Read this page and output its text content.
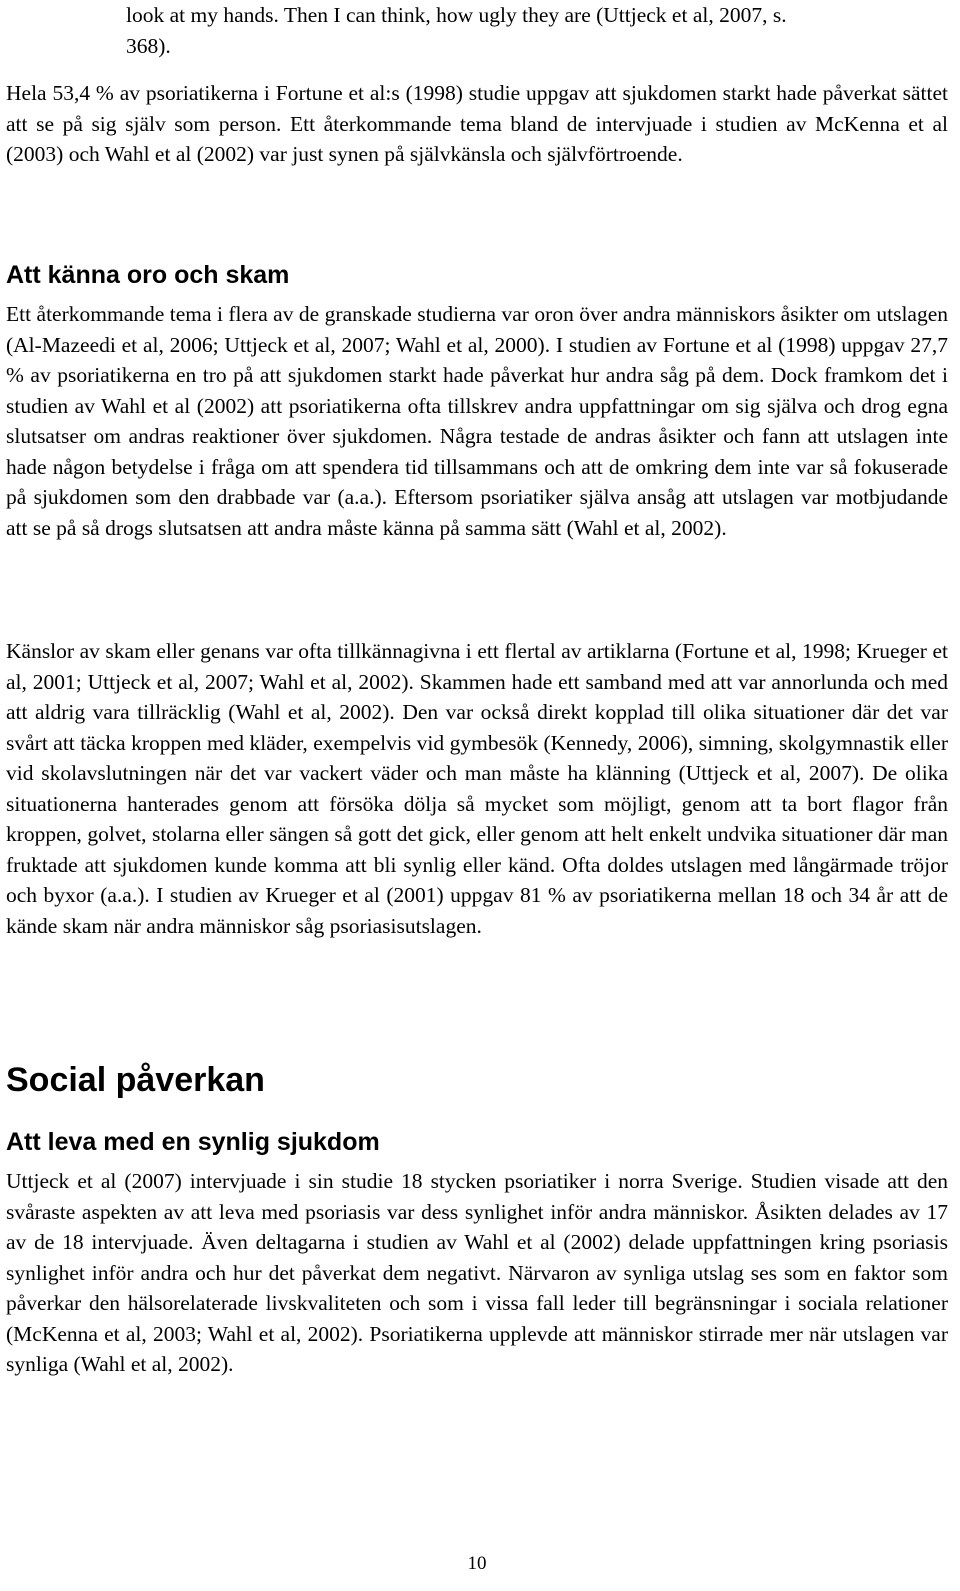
look at my hands. Then I can think, how ugly they are (Uttjeck et al, 2007, s. 368).

Hela 53,4 % av psoriatikerna i Fortune et al:s (1998) studie uppgav att sjukdomen starkt hade påverkat sättet att se på sig själv som person. Ett återkommande tema bland de intervjuade i studien av McKenna et al (2003) och Wahl et al (2002) var just synen på självkänsla och självförtroende.

Att känna oro och skam

Ett återkommande tema i flera av de granskade studierna var oron över andra människors åsikter om utslagen (Al-Mazeedi et al, 2006; Uttjeck et al, 2007; Wahl et al, 2000). I studien av Fortune et al (1998) uppgav 27,7 % av psoriatikerna en tro på att sjukdomen starkt hade påverkat hur andra såg på dem. Dock framkom det i studien av Wahl et al (2002) att psoriatikerna ofta tillskrev andra uppfattningar om sig själva och drog egna slutsatser om andras reaktioner över sjukdomen. Några testade de andras åsikter och fann att utslagen inte hade någon betydelse i fråga om att spendera tid tillsammans och att de omkring dem inte var så fokuserade på sjukdomen som den drabbade var (a.a.). Eftersom psoriatiker själva ansåg att utslagen var motbjudande att se på så drogs slutsatsen att andra måste känna på samma sätt (Wahl et al, 2002).

Känslor av skam eller genans var ofta tillkännagivna i ett flertal av artiklarna (Fortune et al, 1998; Krueger et al, 2001; Uttjeck et al, 2007; Wahl et al, 2002). Skammen hade ett samband med att var annorlunda och med att aldrig vara tillräcklig (Wahl et al, 2002). Den var också direkt kopplad till olika situationer där det var svårt att täcka kroppen med kläder, exempelvis vid gymbesök (Kennedy, 2006), simning, skolgymnastik eller vid skolavslutningen när det var vackert väder och man måste ha klänning (Uttjeck et al, 2007). De olika situationerna hanterades genom att försöka dölja så mycket som möjligt, genom att ta bort flagor från kroppen, golvet, stolarna eller sängen så gott det gick, eller genom att helt enkelt undvika situationer där man fruktade att sjukdomen kunde komma att bli synlig eller känd. Ofta doldes utslagen med långärmade tröjor och byxor (a.a.). I studien av Krueger et al (2001) uppgav 81 % av psoriatikerna mellan 18 och 34 år att de kände skam när andra människor såg psoriasisutslagen.

Social påverkan
Att leva med en synlig sjukdom

Uttjeck et al (2007) intervjuade i sin studie 18 stycken psoriatiker i norra Sverige. Studien visade att den svåraste aspekten av att leva med psoriasis var dess synlighet inför andra människor. Åsikten delades av 17 av de 18 intervjuade. Även deltagarna i studien av Wahl et al (2002) delade uppfattningen kring psoriasis synlighet inför andra och hur det påverkat dem negativt. Närvaron av synliga utslag ses som en faktor som påverkar den hälsorelaterade livskvaliteten och som i vissa fall leder till begränsningar i sociala relationer (McKenna et al, 2003; Wahl et al, 2002). Psoriatikerna upplevde att människor stirrade mer när utslagen var synliga (Wahl et al, 2002).

10
